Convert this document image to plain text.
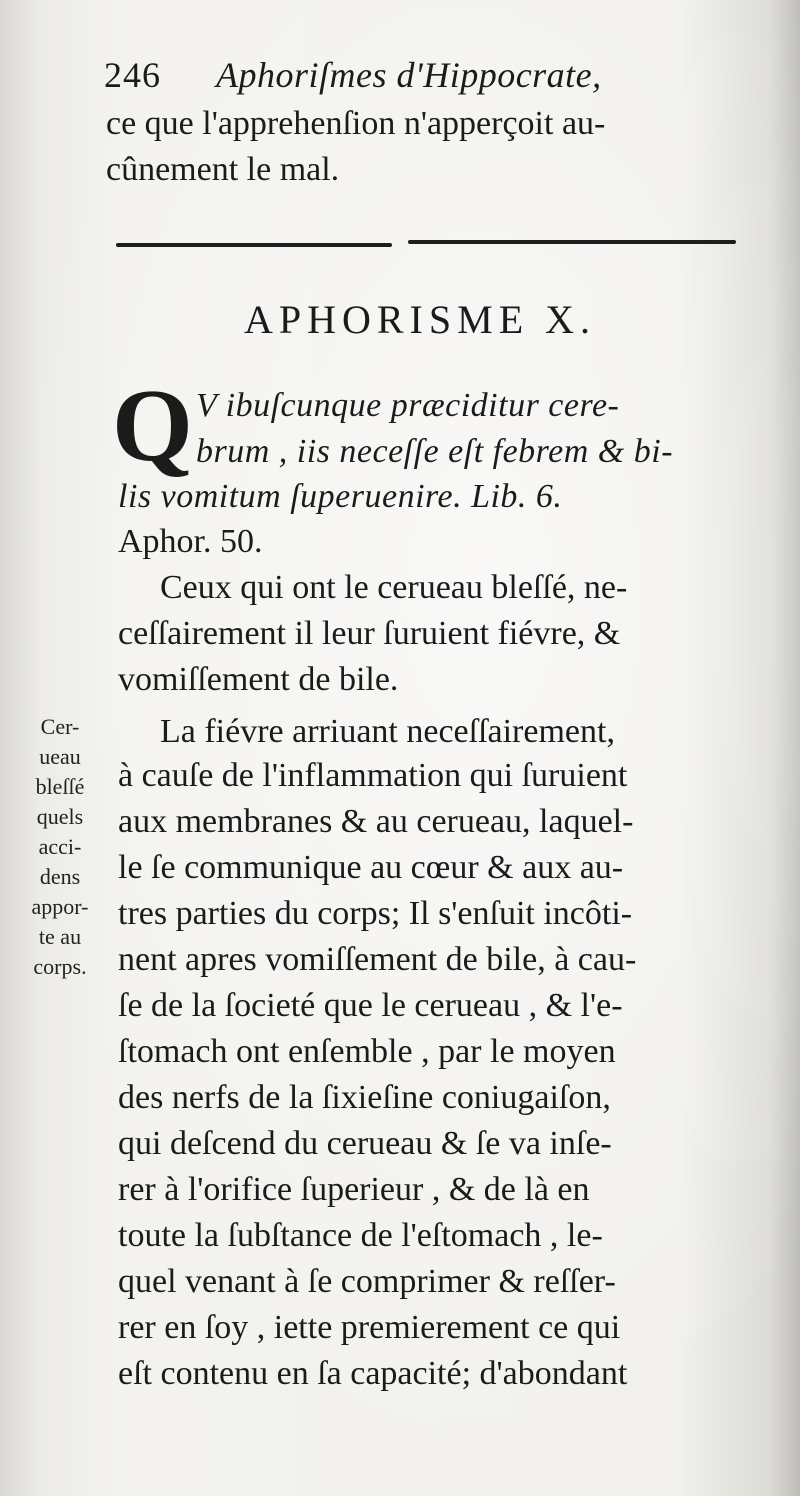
246 Aphoriſmes d'Hippocrate,
ce que l'apprehenſion n'apperçoit au-
cûnement le mal.
APHORISME X.
Q V ibuſcunque præciditur cere-
brum , iis neceſſe eſt febrem & bi-
lis vomitum ſuperuenire. Lib. 6.
Aphor. 50.
Ceux qui ont le cerueau bleſſé, ne-
ceſſairement il leur ſuruient fiévre, &
vomiſſement de bile.
La fiévre arriuant neceſſairement,
à cauſe de l'inflammation qui ſuruient
aux membranes & au cerueau, laquel-
le ſe communique au cœur & aux au-
tres parties du corps; Il s'enſuit incôti-
nent apres vomiſſement de bile, à cau-
ſe de la ſocieté que le cerueau , & l'e-
ſtomach ont enſemble , par le moyen
des nerfs de la ſixieſine coniugaiſon,
qui deſcend du cerueau & ſe va inſe-
rer à l'orifice ſuperieur , & de là en
toute la ſubſtance de l'eſtomach , le-
quel venant à ſe comprimer & reſſer-
rer en ſoy , iette premierement ce qui
eſt contenu en ſa capacité; d'abondant
Cer-
ueau
bleſſé
quels
acci-
dens
appor-
te au
corps.
